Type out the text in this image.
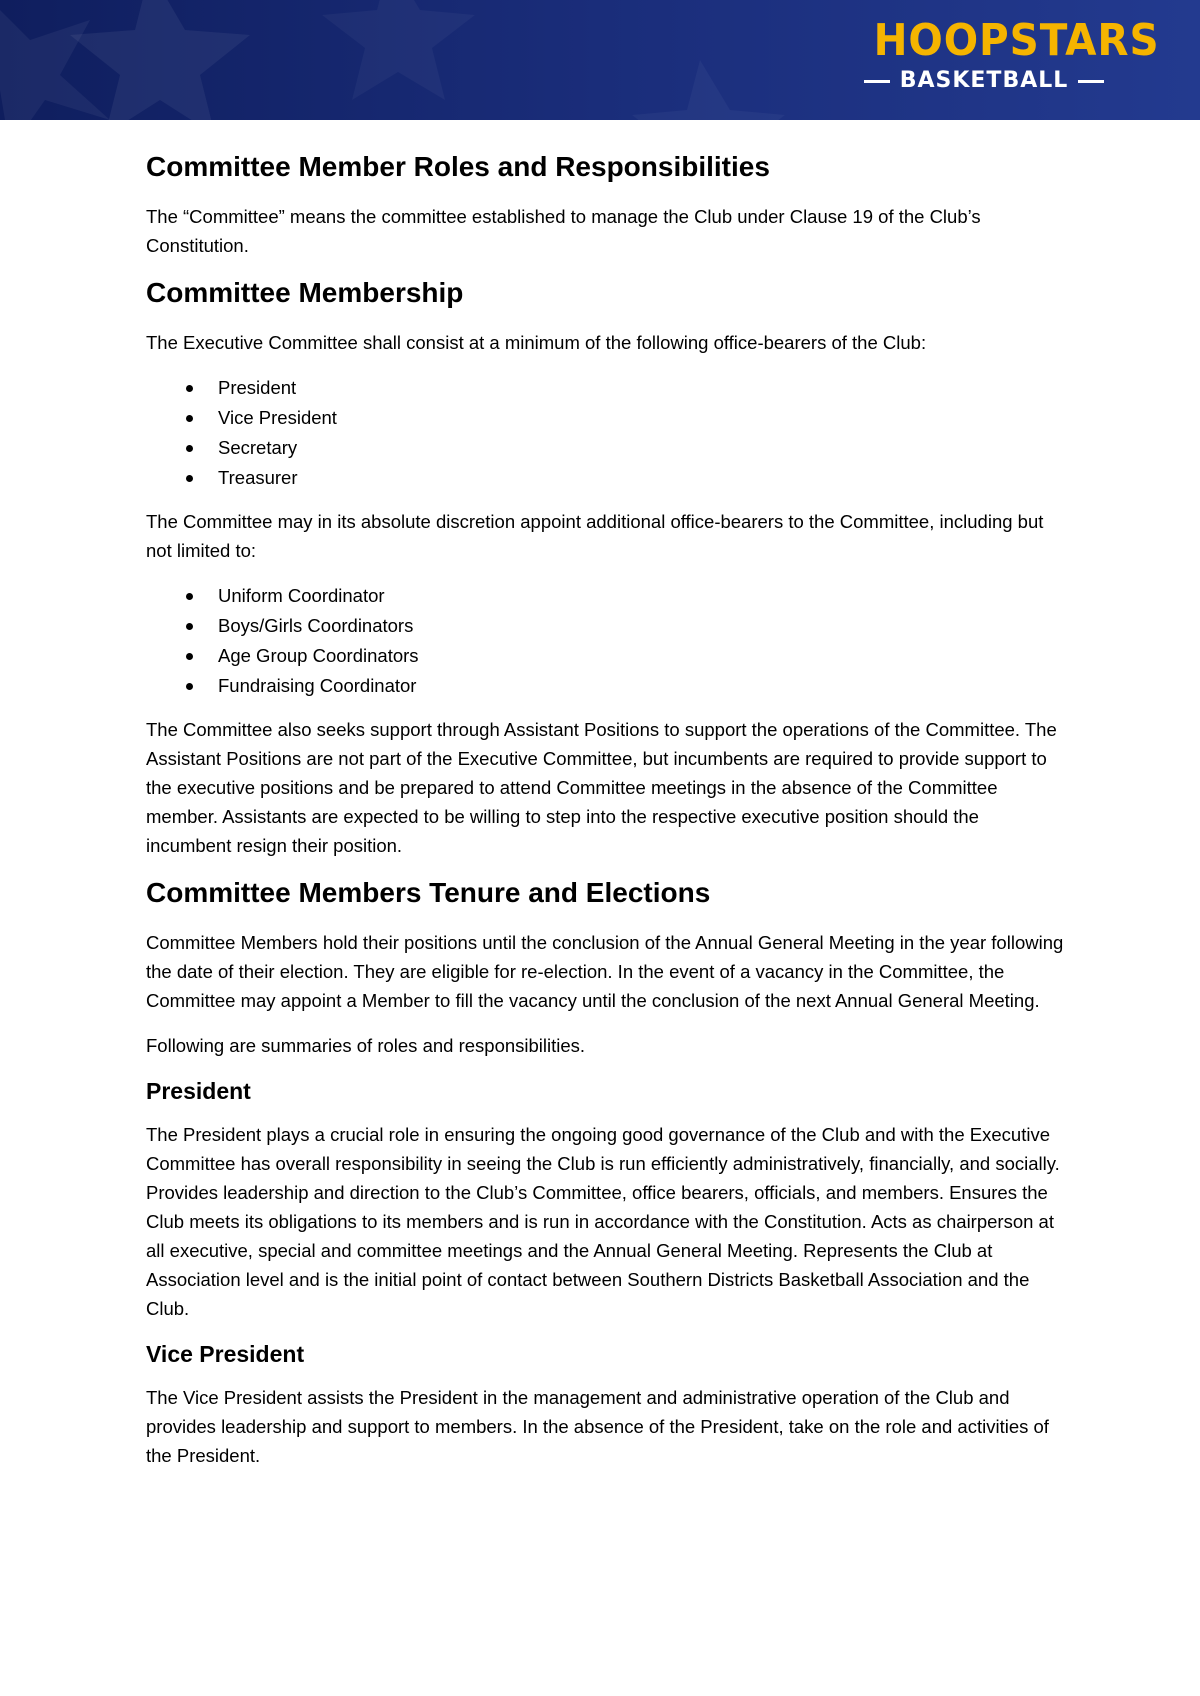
HOOPSTARS
BASKETBALL
Committee Member Roles and Responsibilities

The “Committee” means the committee established to manage the Club under Clause 19 of the Club’s Constitution.

Committee Membership

The Executive Committee shall consist at a minimum of the following office-bearers of the Club:

President
Vice President
Secretary
Treasurer

The Committee may in its absolute discretion appoint additional office-bearers to the Committee, including but not limited to:

Uniform Coordinator
Boys/Girls Coordinators
Age Group Coordinators
Fundraising Coordinator

The Committee also seeks support through Assistant Positions to support the operations of the Committee. The Assistant Positions are not part of the Executive Committee, but incumbents are required to provide support to the executive positions and be prepared to attend Committee meetings in the absence of the Committee member. Assistants are expected to be willing to step into the respective executive position should the incumbent resign their position.

Committee Members Tenure and Elections

Committee Members hold their positions until the conclusion of the Annual General Meeting in the year following the date of their election. They are eligible for re-election. In the event of a vacancy in the Committee, the Committee may appoint a Member to fill the vacancy until the conclusion of the next Annual General Meeting.

Following are summaries of roles and responsibilities.

President

The President plays a crucial role in ensuring the ongoing good governance of the Club and with the Executive Committee has overall responsibility in seeing the Club is run efficiently administratively, financially, and socially. Provides leadership and direction to the Club’s Committee, office bearers, officials, and members. Ensures the Club meets its obligations to its members and is run in accordance with the Constitution. Acts as chairperson at all executive, special and committee meetings and the Annual General Meeting. Represents the Club at Association level and is the initial point of contact between Southern Districts Basketball Association and the Club.

Vice President

The Vice President assists the President in the management and administrative operation of the Club and provides leadership and support to members. In the absence of the President, take on the role and activities of the President.
